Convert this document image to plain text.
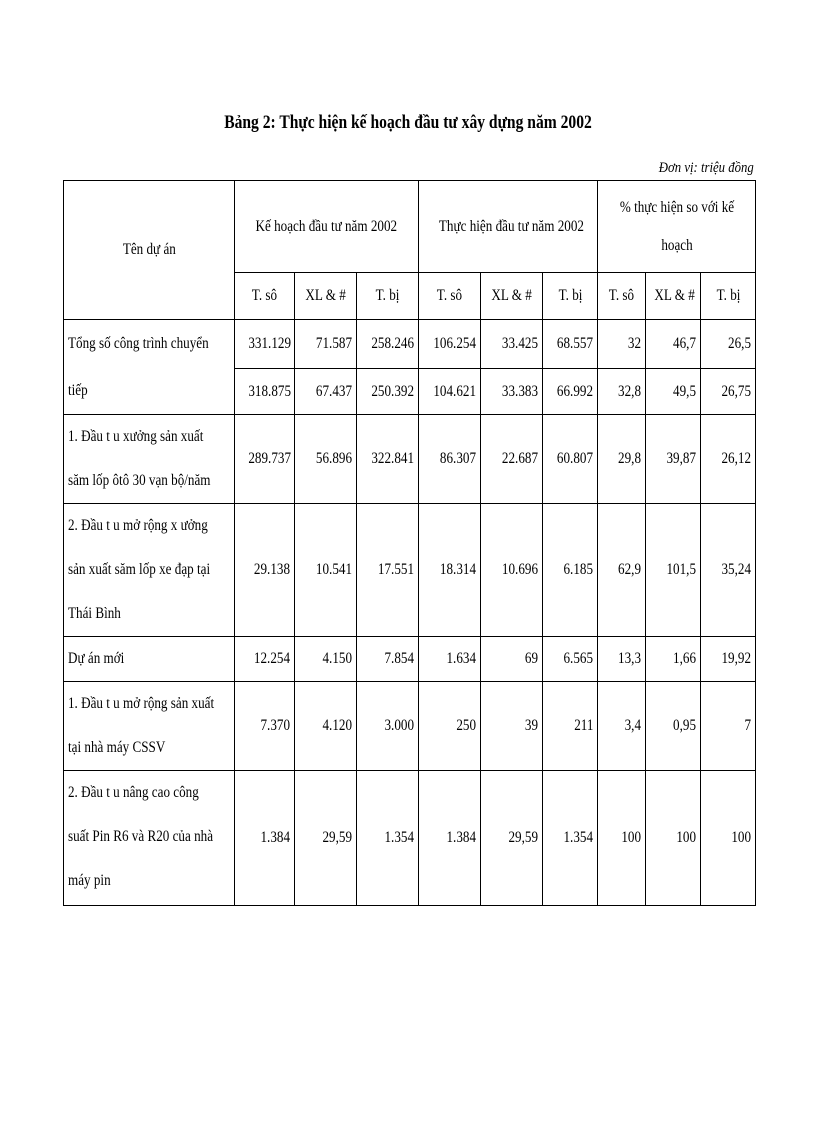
Bảng 2: Thực hiện kế hoạch đầu tư xây dựng năm 2002
Đơn vị: triệu đồng
Tên dự án	Kế hoạch đầu tư năm 2002			Thực hiện đầu tư năm 2002			% thực hiện so với kế hoạch		
	T. sô	XL & #	T. bị	T. sô	XL & #	T. bị	T. sô	XL & #	T. bị

Tổng số công trình chuyển
tiếp	331.129	71.587	258.246	106.254	33.425	68.557	32	46,7	26,5
	318.875	67.437	250.392	104.621	33.383	66.992	32,8	49,5	26,75

1. Đầu t u xưởng sản xuất
săm lốp ôtô 30 vạn bộ/năm	289.737	56.896	322.841	86.307	22.687	60.807	29,8	39,87	26,12

2. Đầu t u mở rộng x ưởng
sản xuất săm lốp xe đạp tại
Thái Bình	29.138	10.541	17.551	18.314	10.696	6.185	62,9	101,5	35,24

Dự án mới	12.254	4.150	7.854	1.634	69	6.565	13,3	1,66	19,92

1. Đầu t u mở rộng sản xuất
tại nhà máy CSSV	7.370	4.120	3.000	250	39	211	3,4	0,95	7

2. Đầu t u nâng cao công
suất Pin R6 và R20 của nhà
máy pin	1.384	29,59	1.354	1.384	29,59	1.354	100	100	100
